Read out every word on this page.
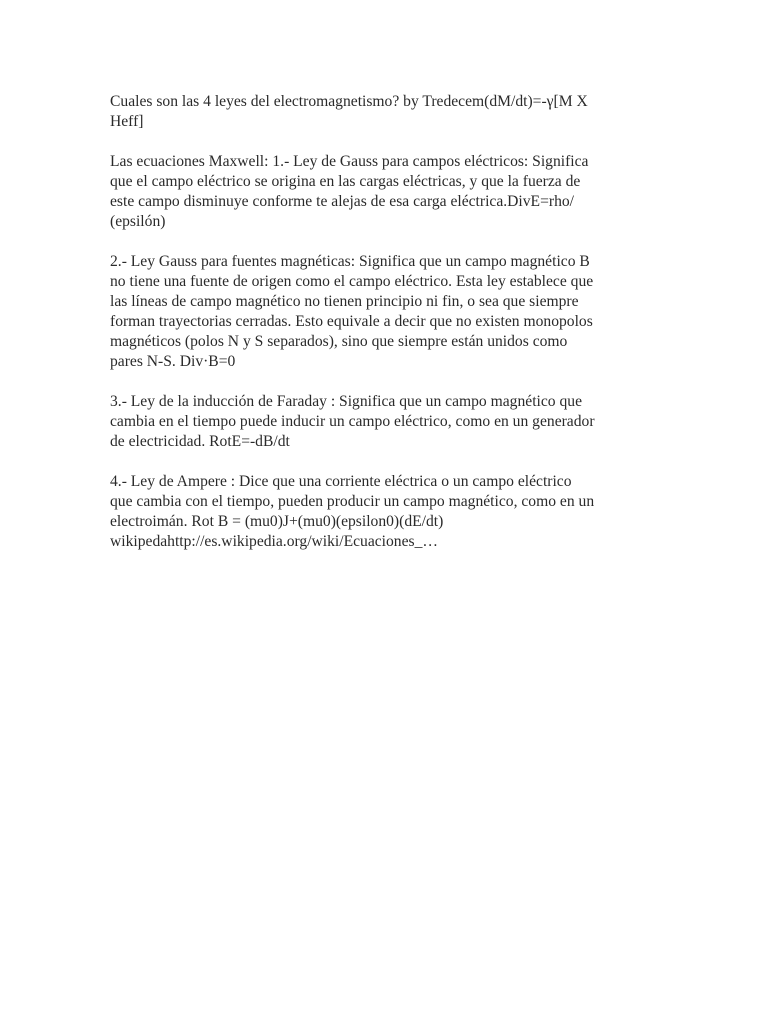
Cuales son las 4 leyes del electromagnetismo? by Tredecem(dM/dt)=-γ[M X
Heff]

Las ecuaciones Maxwell: 1.- Ley de Gauss para campos eléctricos: Significa
que el campo eléctrico se origina en las cargas eléctricas, y que la fuerza de
este campo disminuye conforme te alejas de esa carga eléctrica.DivE=rho/
(epsilón)

2.- Ley Gauss para fuentes magnéticas: Significa que un campo magnético B
no tiene una fuente de origen como el campo eléctrico. Esta ley establece que
las líneas de campo magnético no tienen principio ni fin, o sea que siempre
forman trayectorias cerradas. Esto equivale a decir que no existen monopolos
magnéticos (polos N y S separados), sino que siempre están unidos como
pares N-S. Div·B=0

3.- Ley de la inducción de Faraday : Significa que un campo magnético que
cambia en el tiempo puede inducir un campo eléctrico, como en un generador
de electricidad. RotE=-dB/dt

4.- Ley de Ampere : Dice que una corriente eléctrica o un campo eléctrico
que cambia con el tiempo, pueden producir un campo magnético, como en un
electroimán. Rot B = (mu0)J+(mu0)(epsilon0)(dE/dt)
wikipedahttp://es.wikipedia.org/wiki/Ecuaciones_…
